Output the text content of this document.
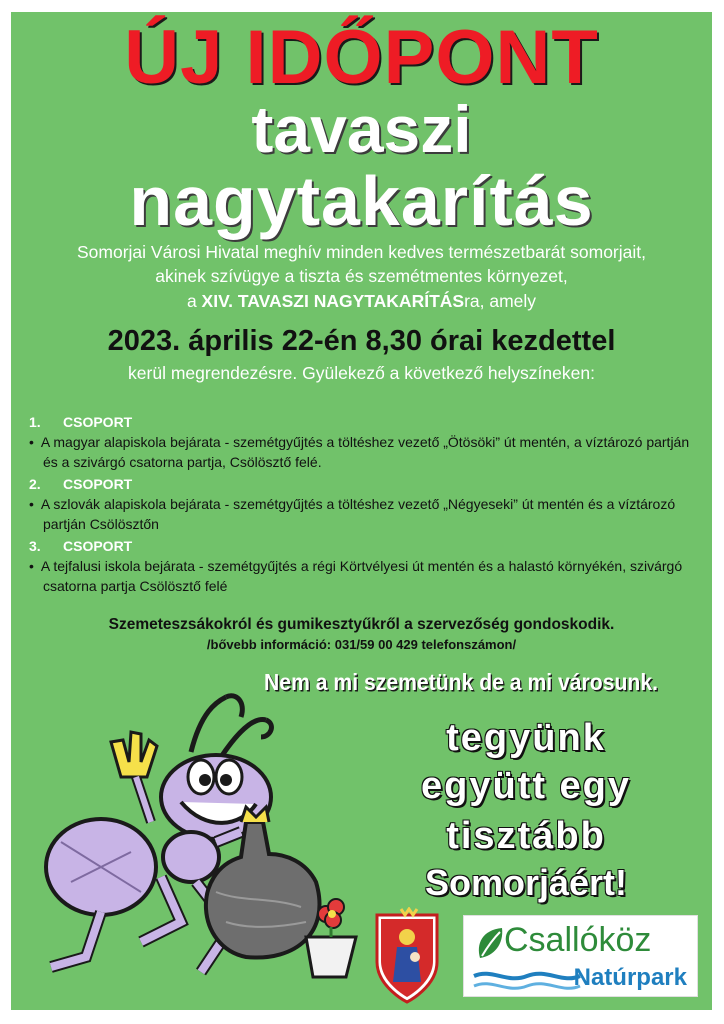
ÚJ IDŐPONT
tavaszi
nagytakarítás
Somorjai Városi Hivatal meghív minden kedves természetbarát somorjait,
akinek szívügye a tiszta és szemétmentes környezet,
a XIV. TAVASZI NAGYTAKARÍTÁSra, amely
2023. április 22-én 8,30 órai kezdettel
kerül megrendezésre. Gyülekező a következő helyszíneken:
1. CSOPORT
• A magyar alapiskola bejárata - szemétgyűjtés a töltéshez vezető „Ötösöki” út mentén, a víztározó partján és a szivárgó csatorna partja, Csölösztő felé.
2. CSOPORT
• A szlovák alapiskola bejárata - szemétgyűjtés a töltéshez vezető „Négyeseki” út mentén és a víztározó partján Csölösztőn
3. CSOPORT
• A tejfalusi iskola bejárata - szemétgyűjtés a régi Körtvélyesi út mentén és a halastó környékén, szivárgó csatorna partja Csölösztő felé
Szemeteszsákokról és gumikesztyűkről a szervezőség gondoskodik.
/bővebb információ: 031/59 00 429 telefonszámon/
Nem a mi szemetünk de a mi városunk.
tegyünk
együtt egy
tisztább
Somorjáért!
Csallóköz
Natúrpark
